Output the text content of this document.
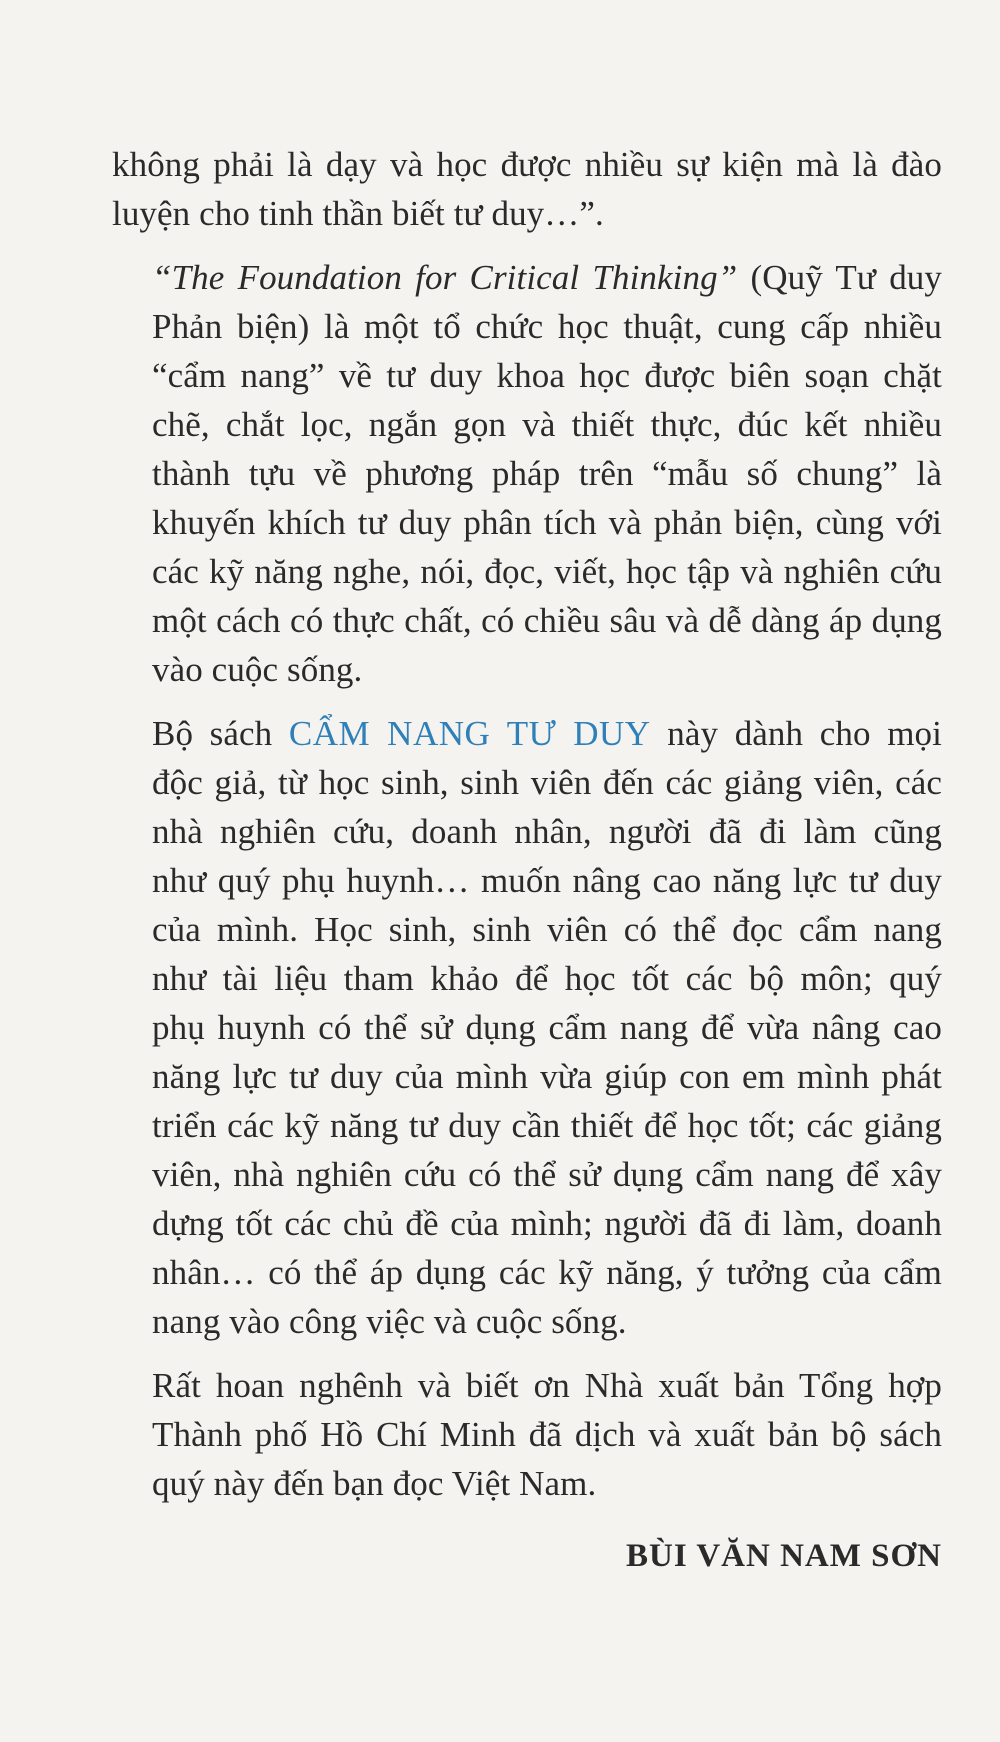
không phải là dạy và học được nhiều sự kiện mà là đào
luyện cho tinh thần biết tư duy…”.

“The Foundation for Critical Thinking” (Quỹ Tư duy
Phản biện) là một tổ chức học thuật, cung cấp nhiều
“cẩm nang” về tư duy khoa học được biên soạn chặt
chẽ, chắt lọc, ngắn gọn và thiết thực, đúc kết nhiều
thành tựu về phương pháp trên “mẫu số chung” là
khuyến khích tư duy phân tích và phản biện, cùng với
các kỹ năng nghe, nói, đọc, viết, học tập và nghiên cứu
một cách có thực chất, có chiều sâu và dễ dàng áp dụng
vào cuộc sống.

Bộ sách CẨM NANG TƯ DUY này dành cho mọi
độc giả, từ học sinh, sinh viên đến các giảng viên, các
nhà nghiên cứu, doanh nhân, người đã đi làm cũng
như quý phụ huynh… muốn nâng cao năng lực tư duy
của mình. Học sinh, sinh viên có thể đọc cẩm nang
như tài liệu tham khảo để học tốt các bộ môn; quý
phụ huynh có thể sử dụng cẩm nang để vừa nâng cao
năng lực tư duy của mình vừa giúp con em mình phát
triển các kỹ năng tư duy cần thiết để học tốt; các giảng
viên, nhà nghiên cứu có thể sử dụng cẩm nang để xây
dựng tốt các chủ đề của mình; người đã đi làm, doanh
nhân… có thể áp dụng các kỹ năng, ý tưởng của cẩm
nang vào công việc và cuộc sống.

Rất hoan nghênh và biết ơn Nhà xuất bản Tổng hợp
Thành phố Hồ Chí Minh đã dịch và xuất bản bộ sách
quý này đến bạn đọc Việt Nam.

BÙI VĂN NAM SƠN
